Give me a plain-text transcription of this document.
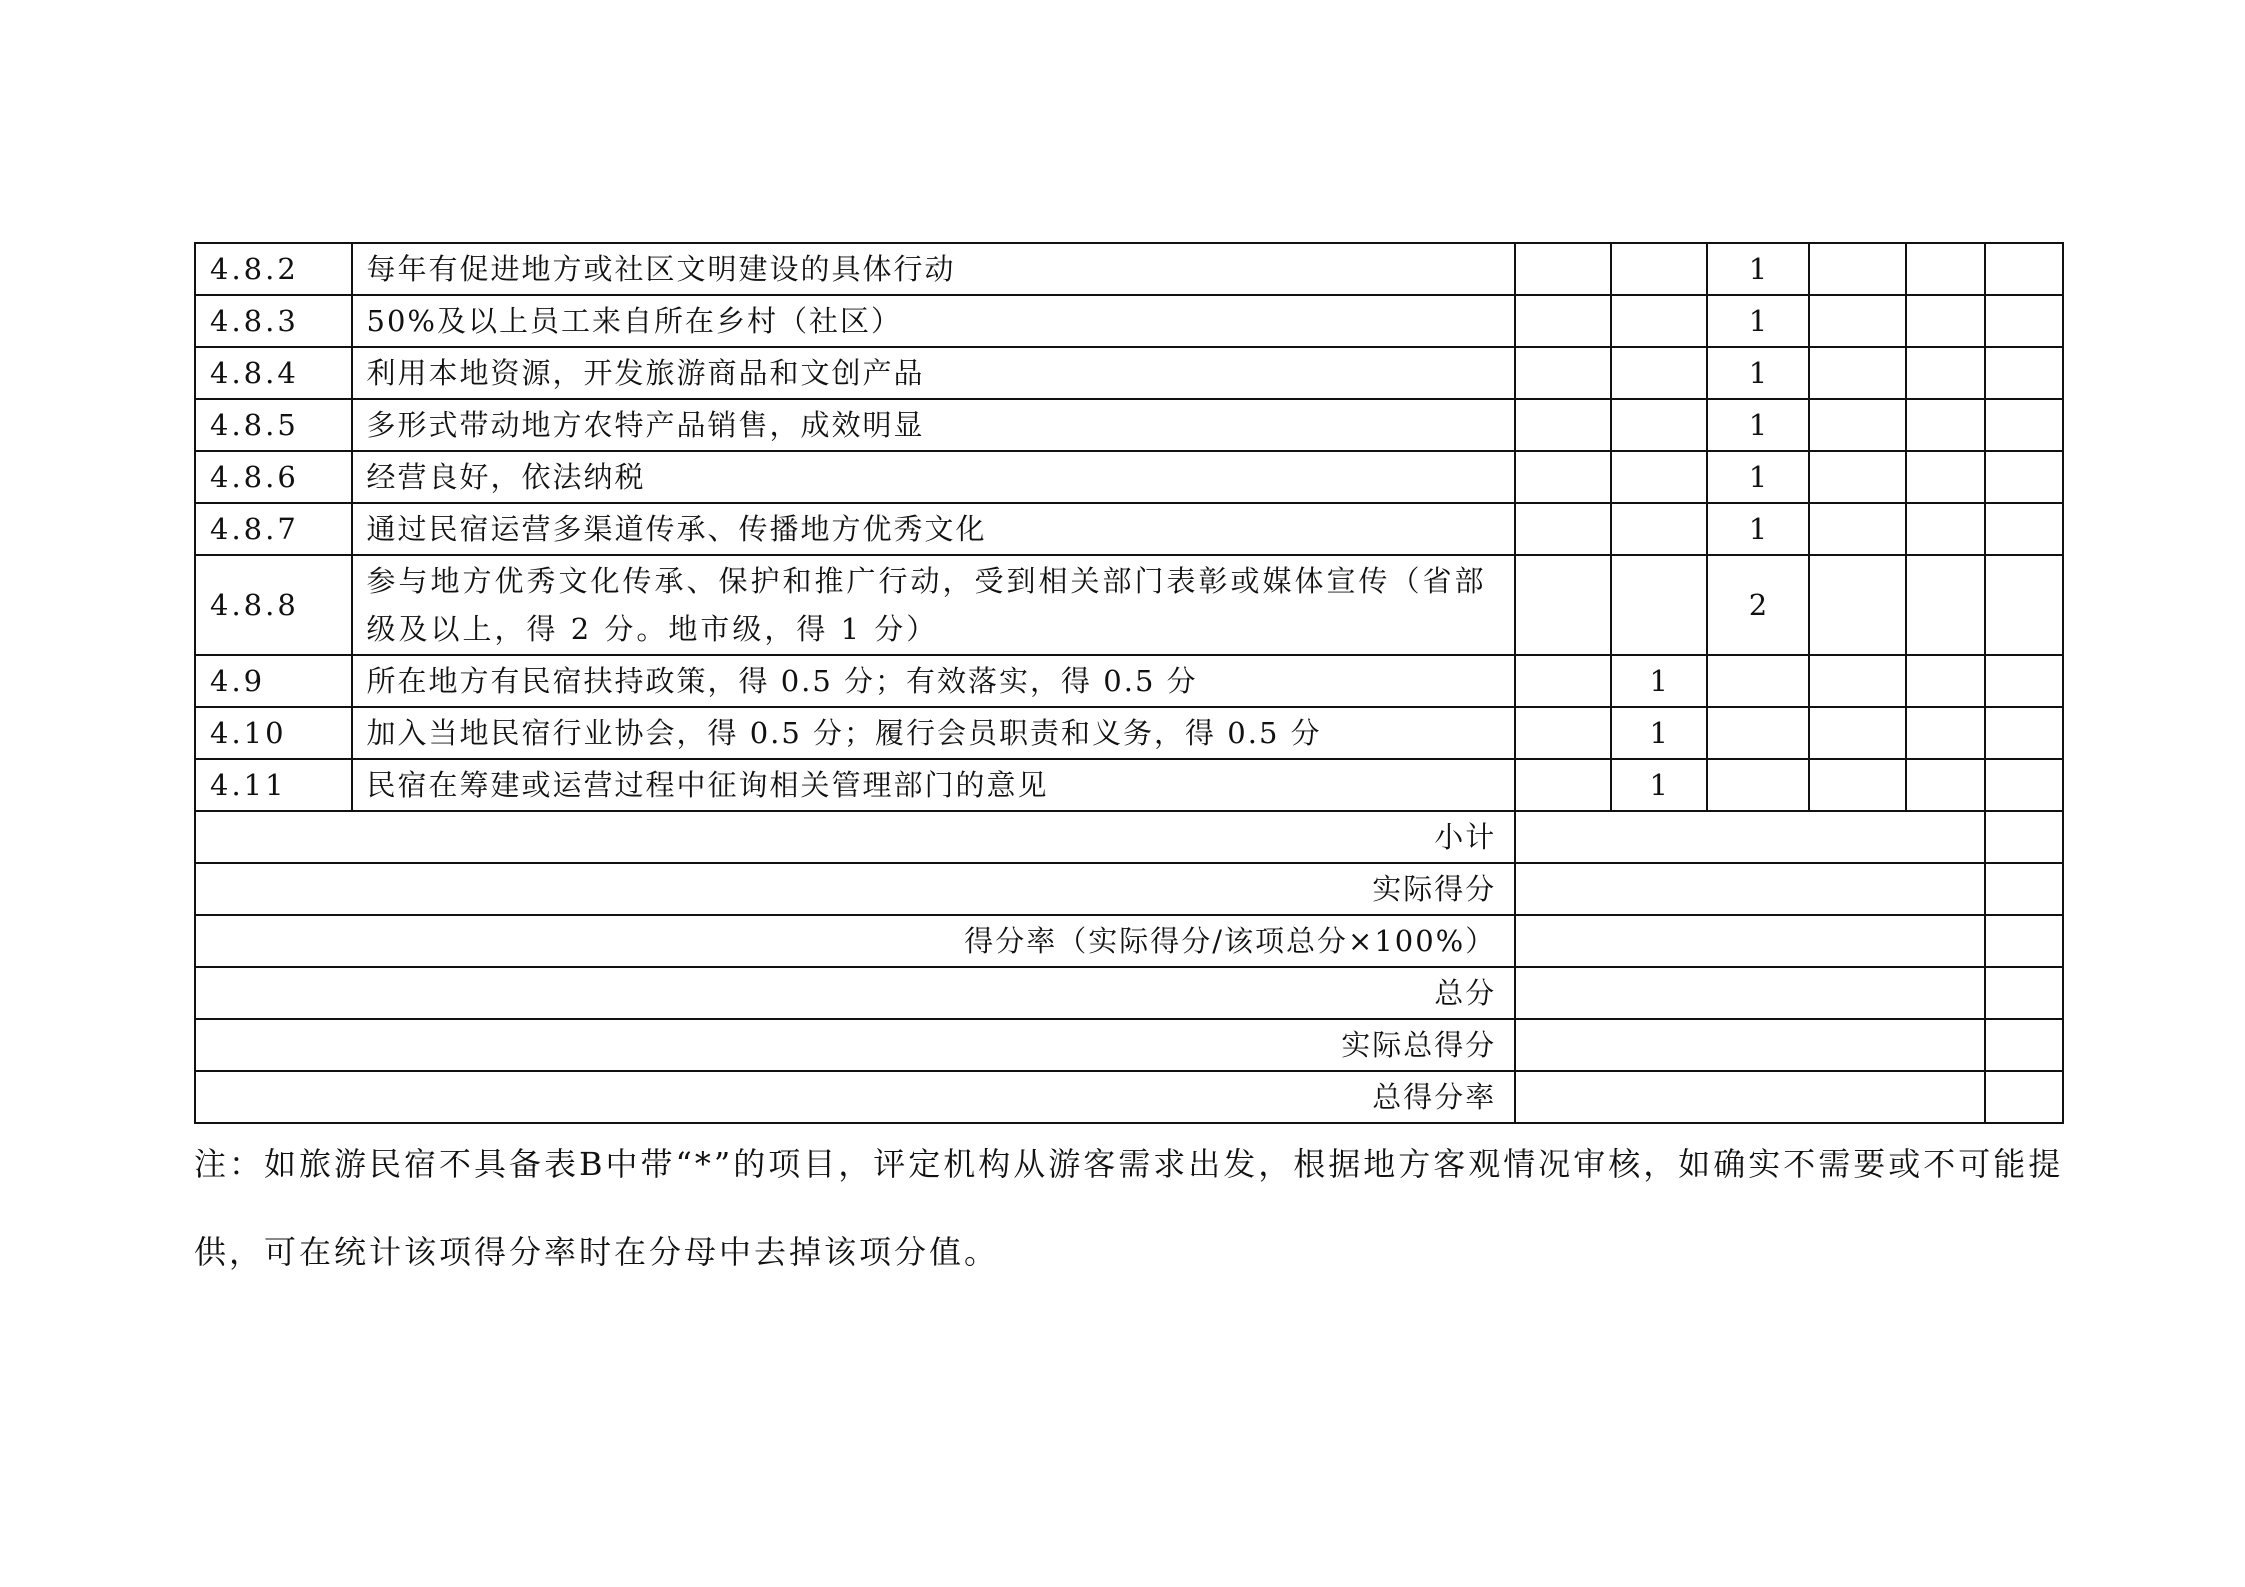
4.8.2	每年有促进地方或社区文明建设的具体行动			1			
4.8.3	50%及以上员工来自所在乡村（社区）			1			
4.8.4	利用本地资源，开发旅游商品和文创产品			1			
4.8.5	多形式带动地方农特产品销售，成效明显			1			
4.8.6	经营良好，依法纳税			1			
4.8.7	通过民宿运营多渠道传承、传播地方优秀文化			1			
4.8.8	参与地方优秀文化传承、保护和推广行动，受到相关部门表彰或媒体宣传（省部级及以上，得 2 分。地市级，得 1 分）			2			
4.9	所在地方有民宿扶持政策，得 0.5 分；有效落实，得 0.5 分		1				
4.10	加入当地民宿行业协会，得 0.5 分；履行会员职责和义务，得 0.5 分		1				
4.11	民宿在筹建或运营过程中征询相关管理部门的意见		1				
小计							
实际得分							
得分率（实际得分/该项总分×100%）							
总分							
实际总得分							
总得分率							

注：如旅游民宿不具备表B中带“*”的项目，评定机构从游客需求出发，根据地方客观情况审核，如确实不需要或不可能提供，可在统计该项得分率时在分母中去掉该项分值。
